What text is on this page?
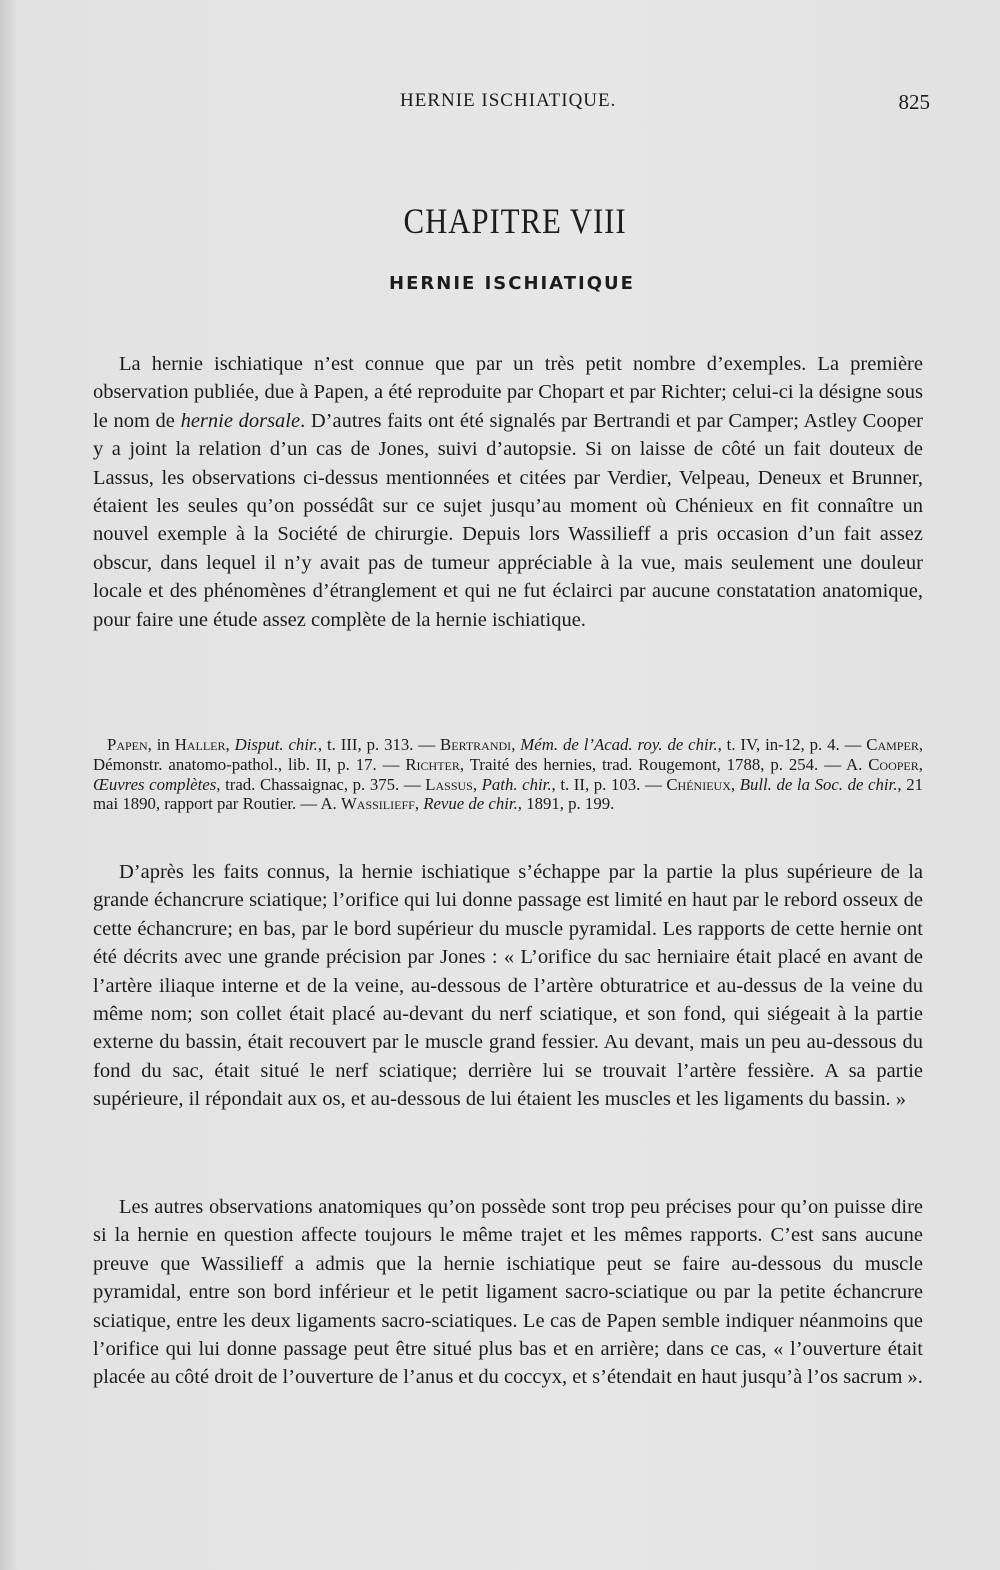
HERNIE ISCHIATIQUE.	825
CHAPITRE VIII
HERNIE ISCHIATIQUE

La hernie ischiatique n’est connue que par un très petit nombre d’exemples. La première observation publiée, due à Papen, a été reproduite par Chopart et par Richter; celui-ci la désigne sous le nom de hernie dorsale. D’autres faits ont été signalés par Bertrandi et par Camper; Astley Cooper y a joint la relation d’un cas de Jones, suivi d’autopsie. Si on laisse de côté un fait douteux de Lassus, les observations ci-dessus mentionnées et citées par Verdier, Velpeau, Deneux et Brunner, étaient les seules qu’on possédât sur ce sujet jusqu’au moment où Chénieux en fit connaître un nouvel exemple à la Société de chirurgie. Depuis lors Wassilieff a pris occasion d’un fait assez obscur, dans lequel il n’y avait pas de tumeur appréciable à la vue, mais seulement une douleur locale et des phénomènes d’étranglement et qui ne fut éclairci par aucune constatation anatomique, pour faire une étude assez complète de la hernie ischiatique.

Papen, in Haller, Disput. chir., t. III, p. 313. — Bertrandi, Mém. de l’Acad. roy. de chir., t. IV, in-12, p. 4. — Camper, Démonstr. anatomo-pathol., lib. II, p. 17. — Richter, Traité des hernies, trad. Rougemont, 1788, p. 254. — A. Cooper, Œuvres complètes, trad. Chassaignac, p. 375. — Lassus, Path. chir., t. II, p. 103. — Chénieux, Bull. de la Soc. de chir., 21 mai 1890, rapport par Routier. — A. Wassilieff, Revue de chir., 1891, p. 199.

D’après les faits connus, la hernie ischiatique s’échappe par la partie la plus supérieure de la grande échancrure sciatique; l’orifice qui lui donne passage est limité en haut par le rebord osseux de cette échancrure; en bas, par le bord supérieur du muscle pyramidal. Les rapports de cette hernie ont été décrits avec une grande précision par Jones : « L’orifice du sac herniaire était placé en avant de l’artère iliaque interne et de la veine, au-dessous de l’artère obturatrice et au-dessus de la veine du même nom; son collet était placé au-devant du nerf sciatique, et son fond, qui siégeait à la partie externe du bassin, était recouvert par le muscle grand fessier. Au devant, mais un peu au-dessous du fond du sac, était situé le nerf sciatique; derrière lui se trouvait l’artère fessière. A sa partie supérieure, il répondait aux os, et au-dessous de lui étaient les muscles et les ligaments du bassin. »

Les autres observations anatomiques qu’on possède sont trop peu précises pour qu’on puisse dire si la hernie en question affecte toujours le même trajet et les mêmes rapports. C’est sans aucune preuve que Wassilieff a admis que la hernie ischiatique peut se faire au-dessous du muscle pyramidal, entre son bord inférieur et le petit ligament sacro-sciatique ou par la petite échancrure sciatique, entre les deux ligaments sacro-sciatiques. Le cas de Papen semble indiquer néanmoins que l’orifice qui lui donne passage peut être situé plus bas et en arrière; dans ce cas, « l’ouverture était placée au côté droit de l’ouverture de l’anus et du coccyx, et s’étendait en haut jusqu’à l’os sacrum ».
